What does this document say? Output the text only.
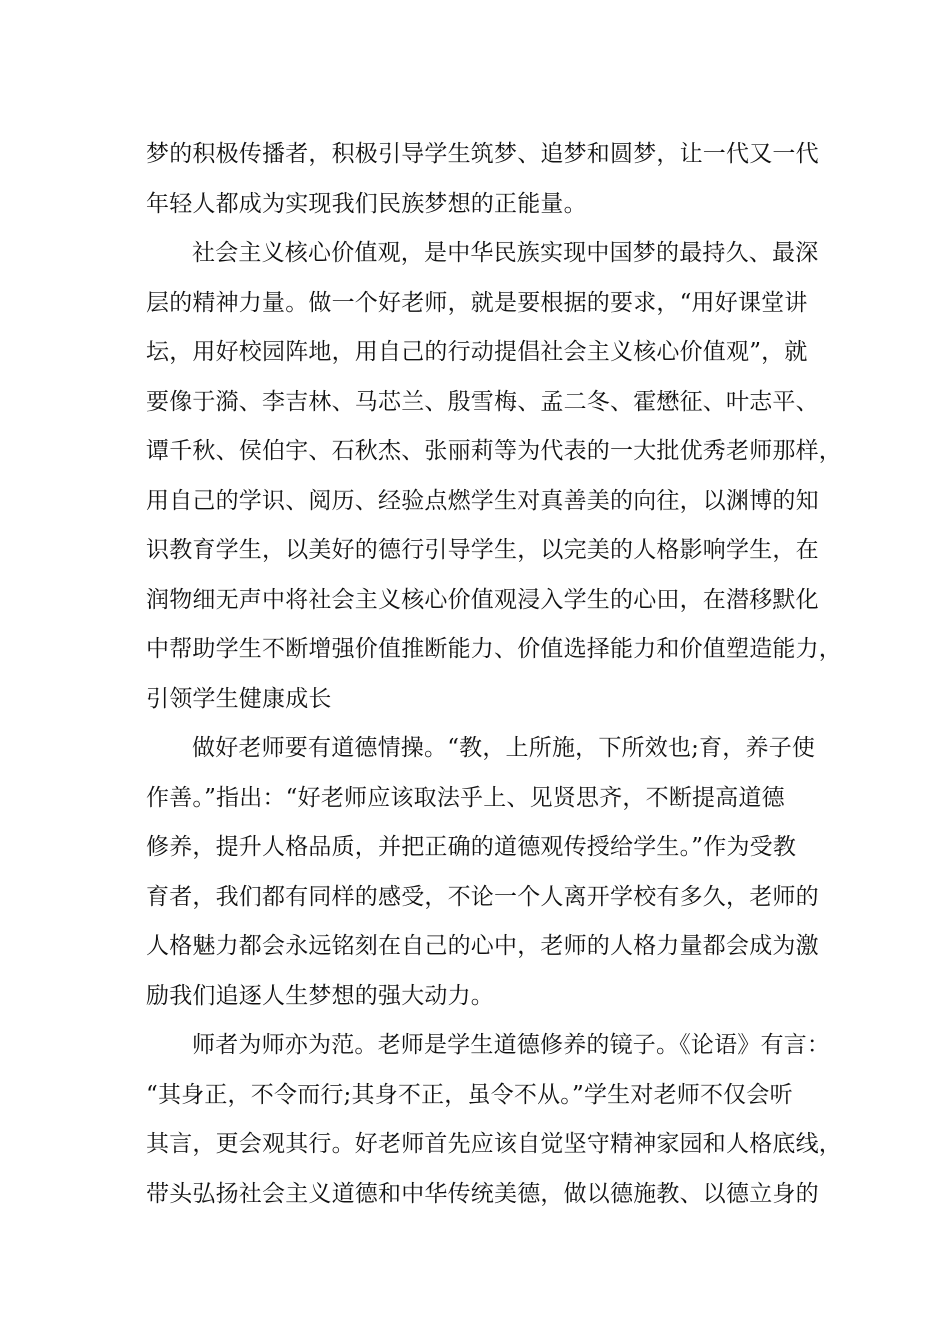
梦的积极传播者，积极引导学生筑梦、追梦和圆梦，让一代又一代
年轻人都成为实现我们民族梦想的正能量。
社会主义核心价值观，是中华民族实现中国梦的最持久、最深
层的精神力量。做一个好老师，就是要根据的要求，“用好课堂讲
坛，用好校园阵地，用自己的行动提倡社会主义核心价值观”，就
要像于漪、李吉林、马芯兰、殷雪梅、孟二冬、霍懋征、叶志平、
谭千秋、侯伯宇、石秋杰、张丽莉等为代表的一大批优秀老师那样，
用自己的学识、阅历、经验点燃学生对真善美的向往，以渊博的知
识教育学生，以美好的德行引导学生，以完美的人格影响学生，在
润物细无声中将社会主义核心价值观浸入学生的心田，在潜移默化
中帮助学生不断增强价值推断能力、价值选择能力和价值塑造能力，
引领学生健康成长
做好老师要有道德情操。“教，上所施，下所效也;育，养子使
作善。”指出：“好老师应该取法乎上、见贤思齐，不断提高道德
修养，提升人格品质，并把正确的道德观传授给学生。”作为受教
育者，我们都有同样的感受，不论一个人离开学校有多久，老师的
人格魅力都会永远铭刻在自己的心中，老师的人格力量都会成为激
励我们追逐人生梦想的强大动力。
师者为师亦为范。老师是学生道德修养的镜子。《论语》有言：
“其身正，不令而行;其身不正，虽令不从。”学生对老师不仅会听
其言，更会观其行。好老师首先应该自觉坚守精神家园和人格底线，
带头弘扬社会主义道德和中华传统美德，做以德施教、以德立身的
